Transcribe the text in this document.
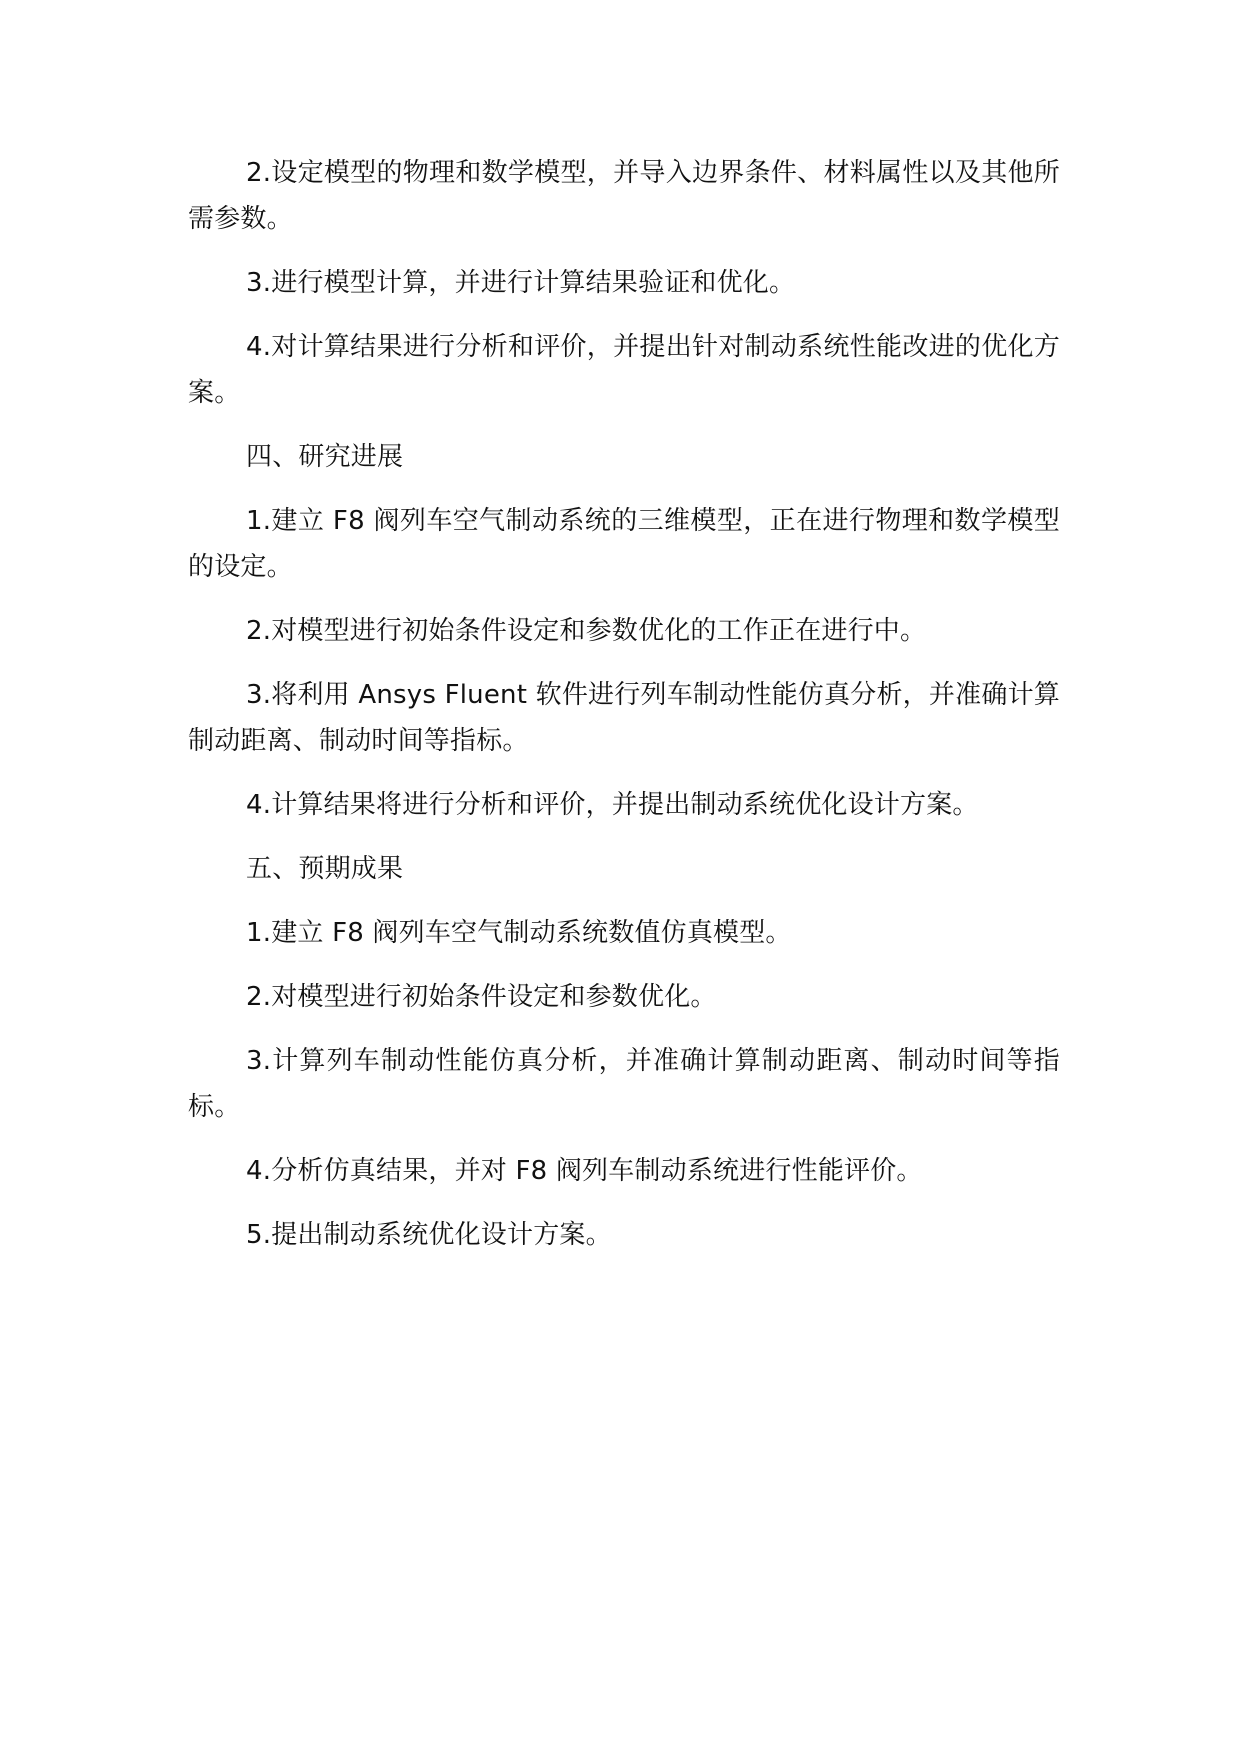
2.设定模型的物理和数学模型，并导入边界条件、材料属性以及其他所需参数。

3.进行模型计算，并进行计算结果验证和优化。

4.对计算结果进行分析和评价，并提出针对制动系统性能改进的优化方案。

四、研究进展

1.建立 F8 阀列车空气制动系统的三维模型，正在进行物理和数学模型的设定。

2.对模型进行初始条件设定和参数优化的工作正在进行中。

3.将利用 Ansys Fluent 软件进行列车制动性能仿真分析，并准确计算制动距离、制动时间等指标。

4.计算结果将进行分析和评价，并提出制动系统优化设计方案。

五、预期成果

1.建立 F8 阀列车空气制动系统数值仿真模型。

2.对模型进行初始条件设定和参数优化。

3.计算列车制动性能仿真分析，并准确计算制动距离、制动时间等指标。

4.分析仿真结果，并对 F8 阀列车制动系统进行性能评价。

5.提出制动系统优化设计方案。
